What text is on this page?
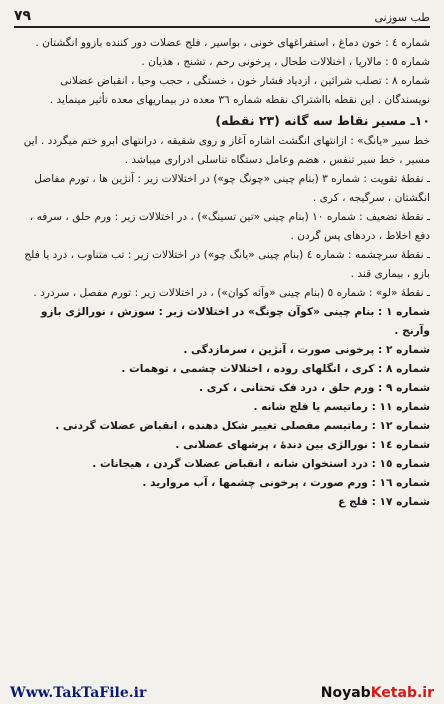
٧٩	طب سوزنی

شماره ٤ : خون دماغ ، استفراغهای خونی ، بواسیر ، فلج عضلات دور کننده بازوو انگشتان .

شماره ٥ : مالاریا ، اختلالات طحال ، پرخونی رحم ، تشنج ، هذیان .

شماره ٨ : تصلب شرائین ، ازدیاد فشار خون ، خستگی ، حجب وحیا ، انقباض عضلانی نویسندگان . این نقطه بااشتراک نقطه شماره ٣٦ معده در بیماریهای معده تأثیر مینماید .

١٠ـ مسیر نقاط سه گانه (٢٣ نقطه)

خط سیر «یانگ» : ازانتهای انگشت اشاره آغاز و روی شقیقه ، درانتهای ابرو ختم میگردد . این مسیر ، خط سیر تنفس ، هضم وعامل دستگاه تناسلی ادراری میباشد .

ـ نقطهٔ تقویت : شماره ٣ (بنام چینی «چونگ چو») در اختلالات زیر : آنژین ها ، تورم مفاصل انگشتان ، سرگیجه ، کری .

ـ نقطهٔ تضعیف : شماره ١٠ (بنام چینی «تین تسینگ») ، در اختلالات زیر : ورم حلق ، سرفه ، دفع اخلاط ، دردهای پس گردن .

ـ نقطهٔ سرچشمه : شماره ٤ (بنام چینی «یانگ چو») در اختلالات زیر : تب متناوب ، درد یا فلج بازو ، بیماری قند .

ـ نقطهٔ «لو» : شماره ٥ (بنام چینی «وآئه کوان») ، در اختلالات زیر : تورم مفصل ، سردرد .

شماره ١ : بنام چینی «کوآن چونگ» در اختلالات زیر : سوزش ، نورالژی بازو وآرنج .

شماره ٢ : پرخونی صورت ، آنژین ، سرمازدگی .

شماره ٨ : کری ، انگلهای روده ، اختلالات چشمی ، توهمات .

شماره ٩ : ورم حلق ، درد فک تحتانی ، کری .

شماره ١١ : رماتیسم یا فلج شانه .

شماره ١٢ : رماتیسم مفصلی تغییر شکل دهنده ، انقباض عضلات گردنی .

شماره ١٤ : نورالژی بین دندهٔ ، پرشهای عضلانی .

شماره ١٥ : درد استخوان شانه ، انقباض عضلات گردن ، هیجانات .

شماره ١٦ : ورم صورت ، پرخونی چشمها ، آب مروارید .

شماره ١٧ : فلج ع

Www.TakTaFile.ir	NoyabKetab.ir
